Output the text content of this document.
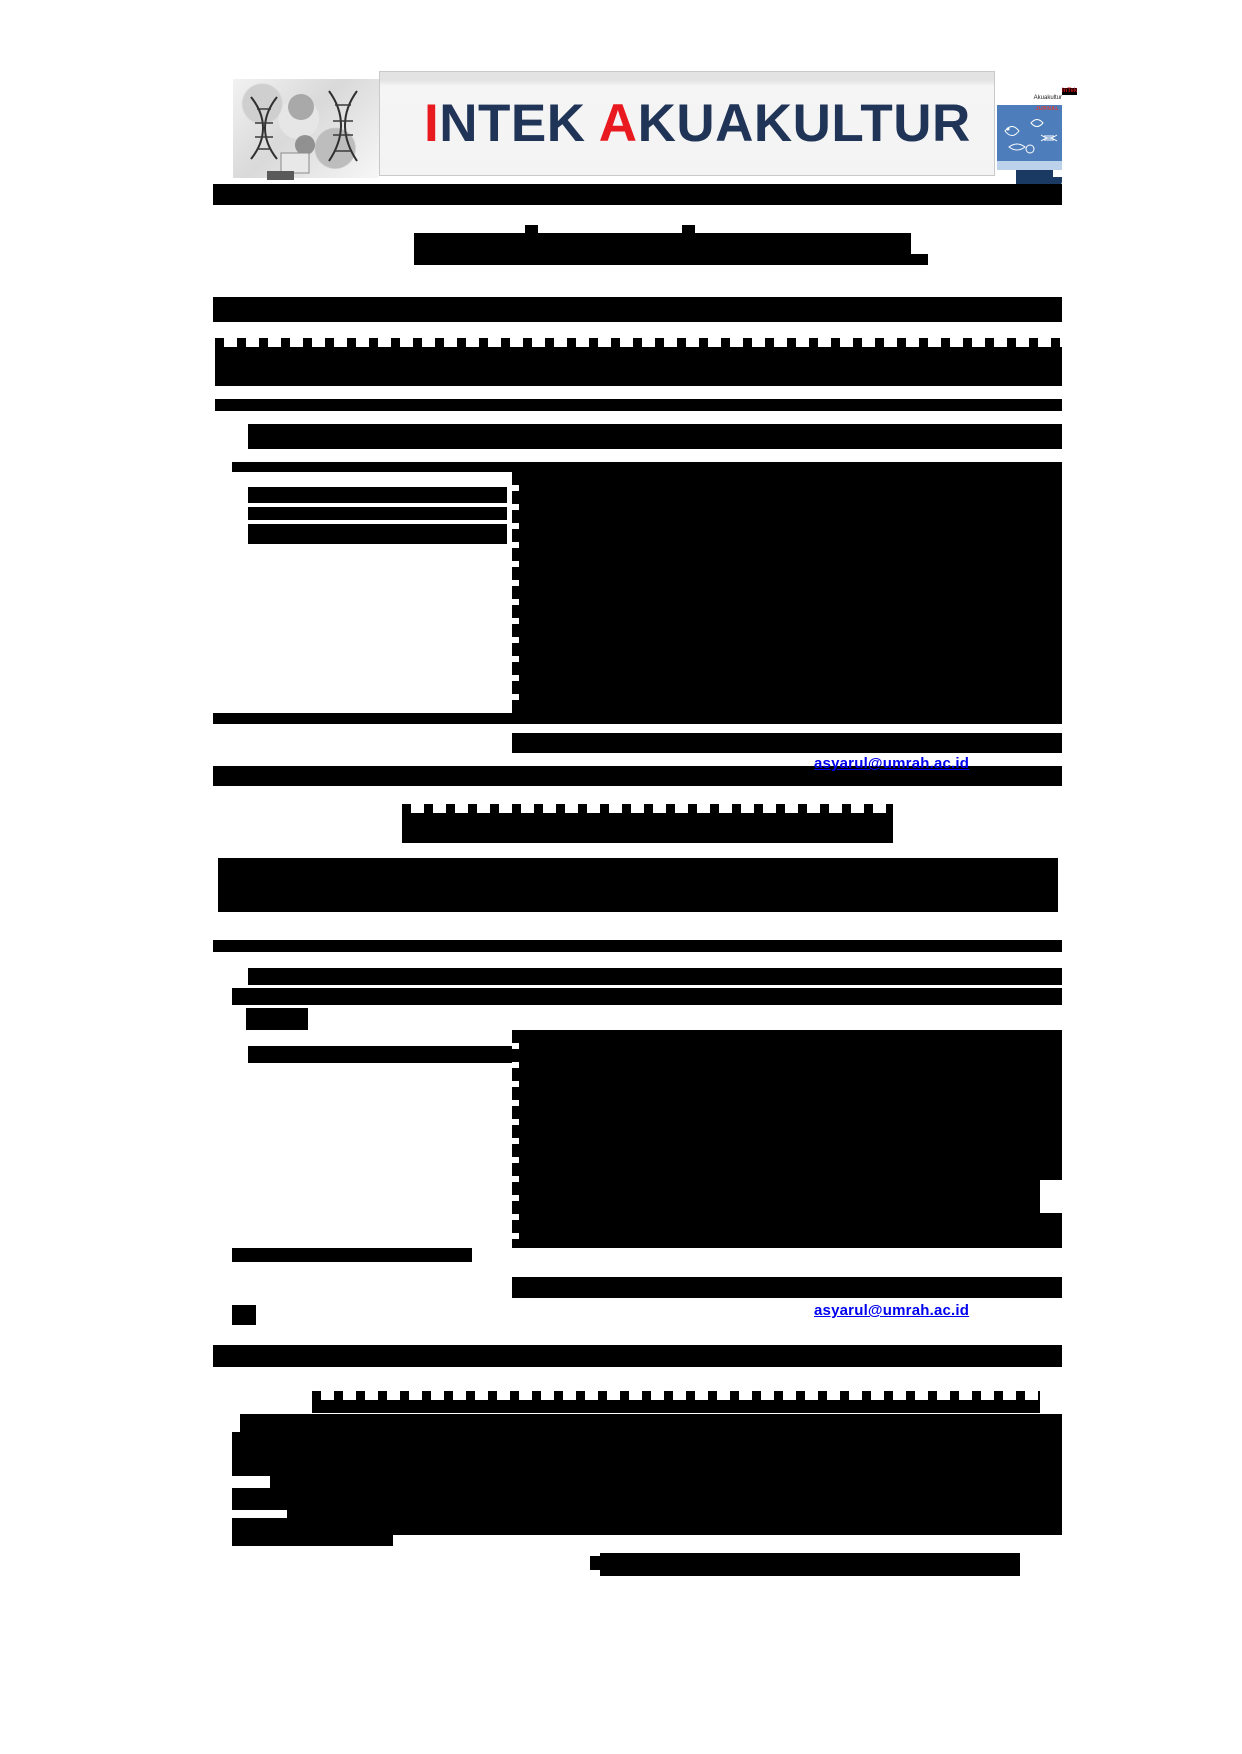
INTEK AKUAKULTUR
InTek

Akuakultur
JURNAL
asyarul@umrah.ac.id
asyarul@umrah.ac.id
